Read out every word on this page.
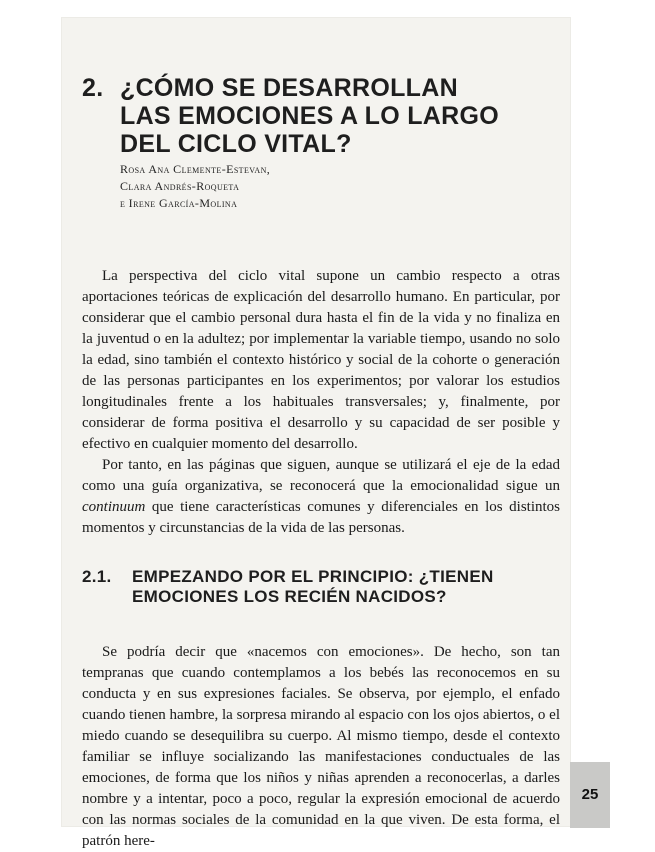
2. ¿CÓMO SE DESARROLLAN LAS EMOCIONES A LO LARGO DEL CICLO VITAL?
Rosa Ana Clemente-Estevan,
Clara Andrés-Roqueta
e Irene García-Molina

La perspectiva del ciclo vital supone un cambio respecto a otras aportaciones teóricas de explicación del desarrollo humano. En particular, por considerar que el cambio personal dura hasta el fin de la vida y no finaliza en la juventud o en la adultez; por implementar la variable tiempo, usando no solo la edad, sino también el contexto histórico y social de la cohorte o generación de las personas participantes en los experimentos; por valorar los estudios longitudinales frente a los habituales transversales; y, finalmente, por considerar de forma positiva el desarrollo y su capacidad de ser posible y efectivo en cualquier momento del desarrollo.

Por tanto, en las páginas que siguen, aunque se utilizará el eje de la edad como una guía organizativa, se reconocerá que la emocionalidad sigue un continuum que tiene características comunes y diferenciales en los distintos momentos y circunstancias de la vida de las personas.

2.1.	EMPEZANDO POR EL PRINCIPIO: ¿TIENEN EMOCIONES LOS RECIÉN NACIDOS?

Se podría decir que «nacemos con emociones». De hecho, son tan tempranas que cuando contemplamos a los bebés las reconocemos en su conducta y en sus expresiones faciales. Se observa, por ejemplo, el enfado cuando tienen hambre, la sorpresa mirando al espacio con los ojos abiertos, o el miedo cuando se desequilibra su cuerpo. Al mismo tiempo, desde el contexto familiar se influye socializando las manifestaciones conductuales de las emociones, de forma que los niños y niñas aprenden a reconocerlas, a darles nombre y a intentar, poco a poco, regular la expresión emocional de acuerdo con las normas sociales de la comunidad en la que viven. De esta forma, el patrón here-

25
